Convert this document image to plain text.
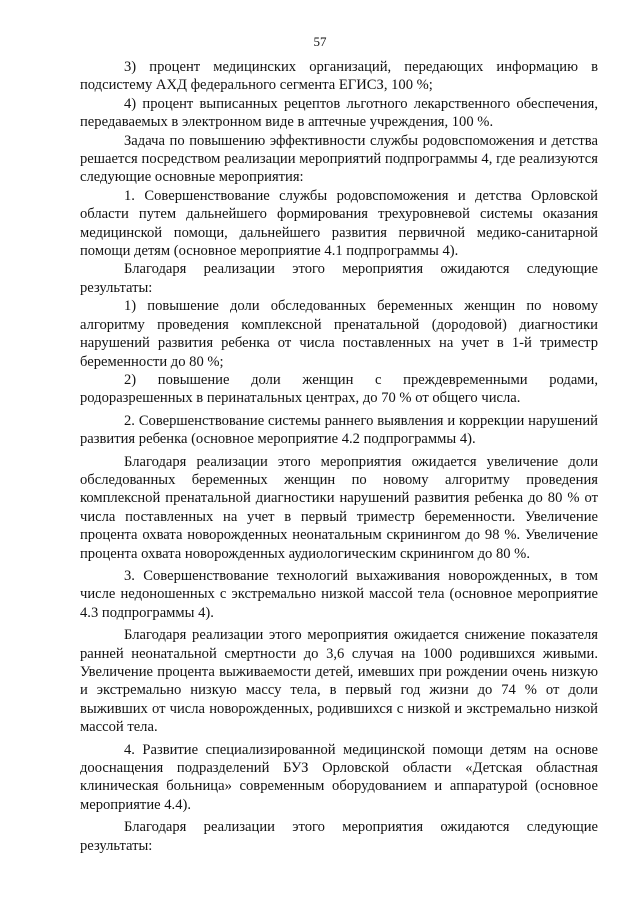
57

3) процент медицинских организаций, передающих информацию в подсистему АХД федерального сегмента ЕГИСЗ, 100 %;

4) процент выписанных рецептов льготного лекарственного обеспечения, передаваемых в электронном виде в аптечные учреждения, 100 %.

Задача по повышению эффективности службы родовспоможения и детства решается посредством реализации мероприятий подпрограммы 4, где реализуются следующие основные мероприятия:

1. Совершенствование службы родовспоможения и детства Орловской области путем дальнейшего формирования трехуровневой системы оказания медицинской помощи, дальнейшего развития первичной медико-санитарной помощи детям (основное мероприятие 4.1 подпрограммы 4).

Благодаря реализации этого мероприятия ожидаются следующие результаты:

1) повышение доли обследованных беременных женщин по новому алгоритму проведения комплексной пренатальной (дородовой) диагностики нарушений развития ребенка от числа поставленных на учет в 1-й триместр беременности до 80 %;

2) повышение доли женщин с преждевременными родами, родоразрешенных в перинатальных центрах, до 70 % от общего числа.

2. Совершенствование системы раннего выявления и коррекции нарушений развития ребенка (основное мероприятие 4.2 подпрограммы 4).

Благодаря реализации этого мероприятия ожидается увеличение доли обследованных беременных женщин по новому алгоритму проведения комплексной пренатальной диагностики нарушений развития ребенка до 80 % от числа поставленных на учет в первый триместр беременности. Увеличение процента охвата новорожденных неонатальным скринингом до 98 %. Увеличение процента охвата новорожденных аудиологическим скринингом до 80 %.

3. Совершенствование технологий выхаживания новорожденных, в том числе недоношенных с экстремально низкой массой тела (основное мероприятие 4.3 подпрограммы 4).

Благодаря реализации этого мероприятия ожидается снижение показателя ранней неонатальной смертности до 3,6 случая на 1000 родившихся живыми. Увеличение процента выживаемости детей, имевших при рождении очень низкую и экстремально низкую массу тела, в первый год жизни до 74 % от доли выживших от числа новорожденных, родившихся с низкой и экстремально низкой массой тела.

4. Развитие специализированной медицинской помощи детям на основе дооснащения подразделений БУЗ Орловской области «Детская областная клиническая больница» современным оборудованием и аппаратурой (основное мероприятие 4.4).

Благодаря реализации этого мероприятия ожидаются следующие результаты:
